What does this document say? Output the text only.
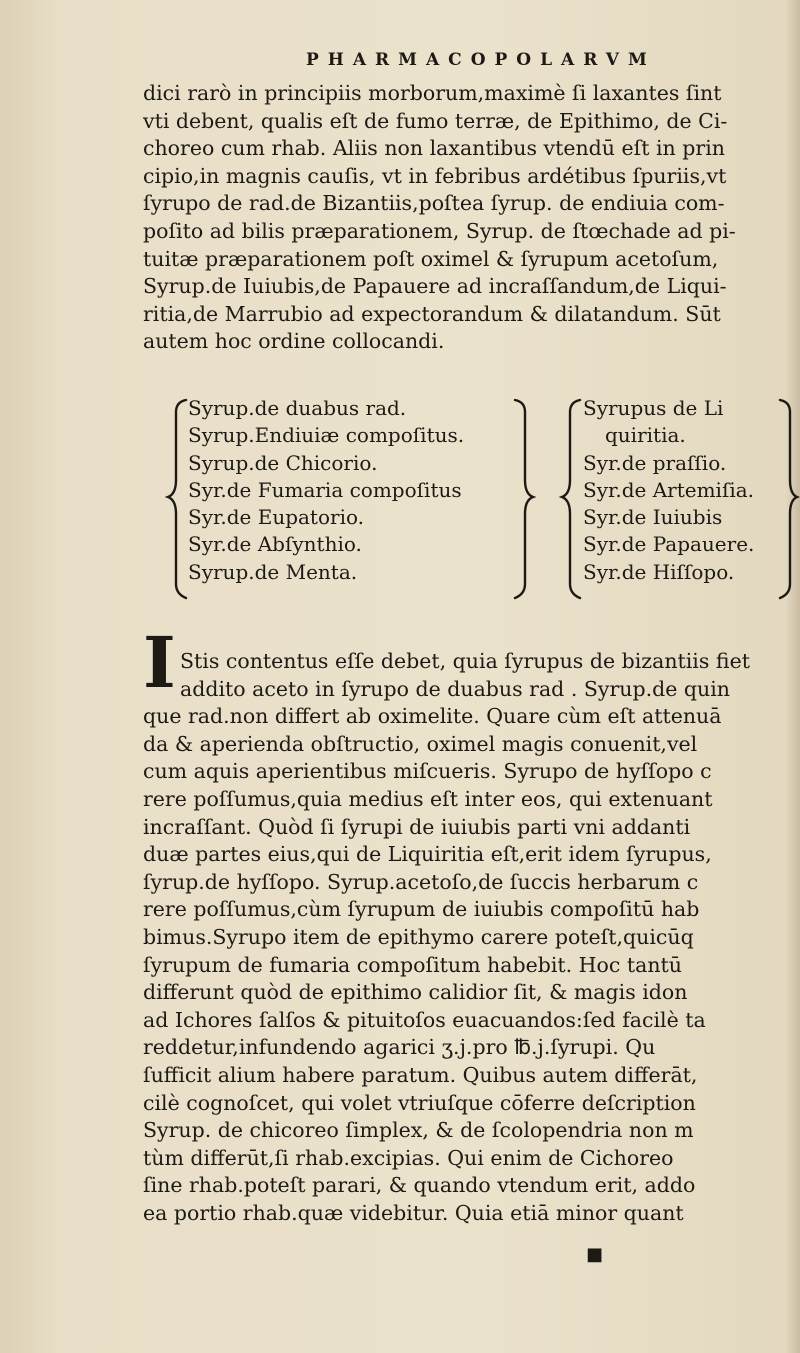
PHARMACOPOLARVM
dici rarò in principiis morborum,maximè ſi laxantes ſint
vti debent, qualis eſt de fumo terræ, de Epithimo, de Ci-
choreo cum rhab. Aliis non laxantibus vtendū eſt in prin
cipio,in magnis cauſis, vt in febribus ardétibus ſpuriis,vt
ſyrupo de rad.de Bizantiis,poſtea ſyrup. de endiuia com-
poſito ad bilis præparationem, Syrup. de ſtœchade ad pi-
tuitæ præparationem poſt oximel & ſyrupum acetoſum,
Syrup.de Iuiubis,de Papauere ad incraſſandum,de Liqui-
ritia,de Marrubio ad expectorandum & dilatandum. Sūt
autem hoc ordine collocandi.
Syrup.de duabus rad.
Syrup.Endiuiæ compoſitus.
Syrup.de Chicorio.
Syr.de Fumaria compoſitus
Syr.de Eupatorio.
Syr.de Abſynthio.
Syrup.de Menta.
Syrupus de Li
quiritia.
Syr.de praſſio.
Syr.de Artemiſia.
Syr.de Iuiubis
Syr.de Papauere.
Syr.de Hiſſopo.
I Stis contentus eſſe debet, quia ſyrupus de bizantiis fiet
addito aceto in ſyrupo de duabus rad . Syrup.de quin
que rad.non differt ab oximelite. Quare cùm eſt attenuā
da & aperienda obſtructio, oximel magis conuenit,vel
cum aquis aperientibus miſcueris. Syrupo de hyſſopo c
rere poſſumus,quia medius eſt inter eos, qui extenuant
incraſſant. Quòd ſi ſyrupi de iuiubis parti vni addanti
duæ partes eius,qui de Liquiritia eſt,erit idem ſyrupus,
ſyrup.de hyſſopo. Syrup.acetoſo,de ſuccis herbarum c
rere poſſumus,cùm ſyrupum de iuiubis compoſitū hab
bimus.Syrupo item de epithymo carere poteſt,quicūq
ſyrupum de fumaria compoſitum habebit. Hoc tantū
differunt quòd de epithimo calidior ſit, & magis idon
ad Ichores ſalſos & pituitoſos euacuandos:ſed facilè ta
reddetur,infundendo agarici ʒ.j.pro ℔.j.ſyrupi. Qu
ſufficit alium habere paratum. Quibus autem differāt,
cilè cognoſcet, qui volet vtriuſque cōferre deſcription
Syrup. de chicoreo ſimplex, & de ſcolopendria non m
tùm differūt,ſi rhab.excipias. Qui enim de Cichoreo
ſine rhab.poteſt parari, & quando vtendum erit, addo
ea portio rhab.quæ videbitur. Quia etiā minor quant
■
